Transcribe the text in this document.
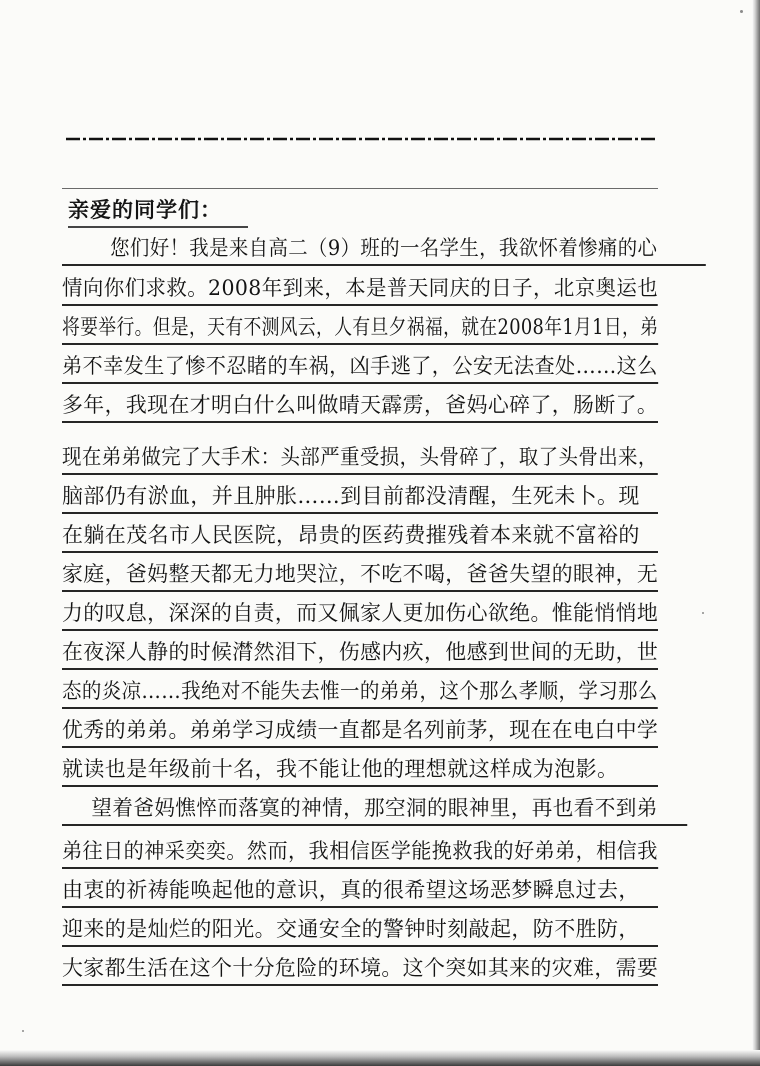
亲爱的同学们：
您们好！我是来自高二（9）班的一名学生，我欲怀着惨痛的心
情向你们求救。2008年到来，本是普天同庆的日子，北京奥运也
将要举行。但是，天有不测风云，人有旦夕祸福，就在2008年1月1日，弟
弟不幸发生了惨不忍睹的车祸，凶手逃了，公安无法查处……这么
多年，我现在才明白什么叫做晴天霹雳，爸妈心碎了，肠断了。
现在弟弟做完了大手术：头部严重受损，头骨碎了，取了头骨出来，
脑部仍有淤血，并且肿胀……到目前都没清醒，生死未卜。现
在躺在茂名市人民医院，昂贵的医药费摧残着本来就不富裕的
家庭，爸妈整天都无力地哭泣，不吃不喝，爸爸失望的眼神，无
力的叹息，深深的自责，而又佩家人更加伤心欲绝。惟能悄悄地
在夜深人静的时候潸然泪下，伤感内疚，他感到世间的无助，世
态的炎凉……我绝对不能失去惟一的弟弟，这个那么孝顺，学习那么
优秀的弟弟。弟弟学习成绩一直都是名列前茅，现在在电白中学
就读也是年级前十名，我不能让他的理想就这样成为泡影。
望着爸妈憔悴而落寞的神情，那空洞的眼神里，再也看不到弟
弟往日的神采奕奕。然而，我相信医学能挽救我的好弟弟，相信我
由衷的祈祷能唤起他的意识，真的很希望这场恶梦瞬息过去，
迎来的是灿烂的阳光。交通安全的警钟时刻敲起，防不胜防，
大家都生活在这个十分危险的环境。这个突如其来的灾难，需要
